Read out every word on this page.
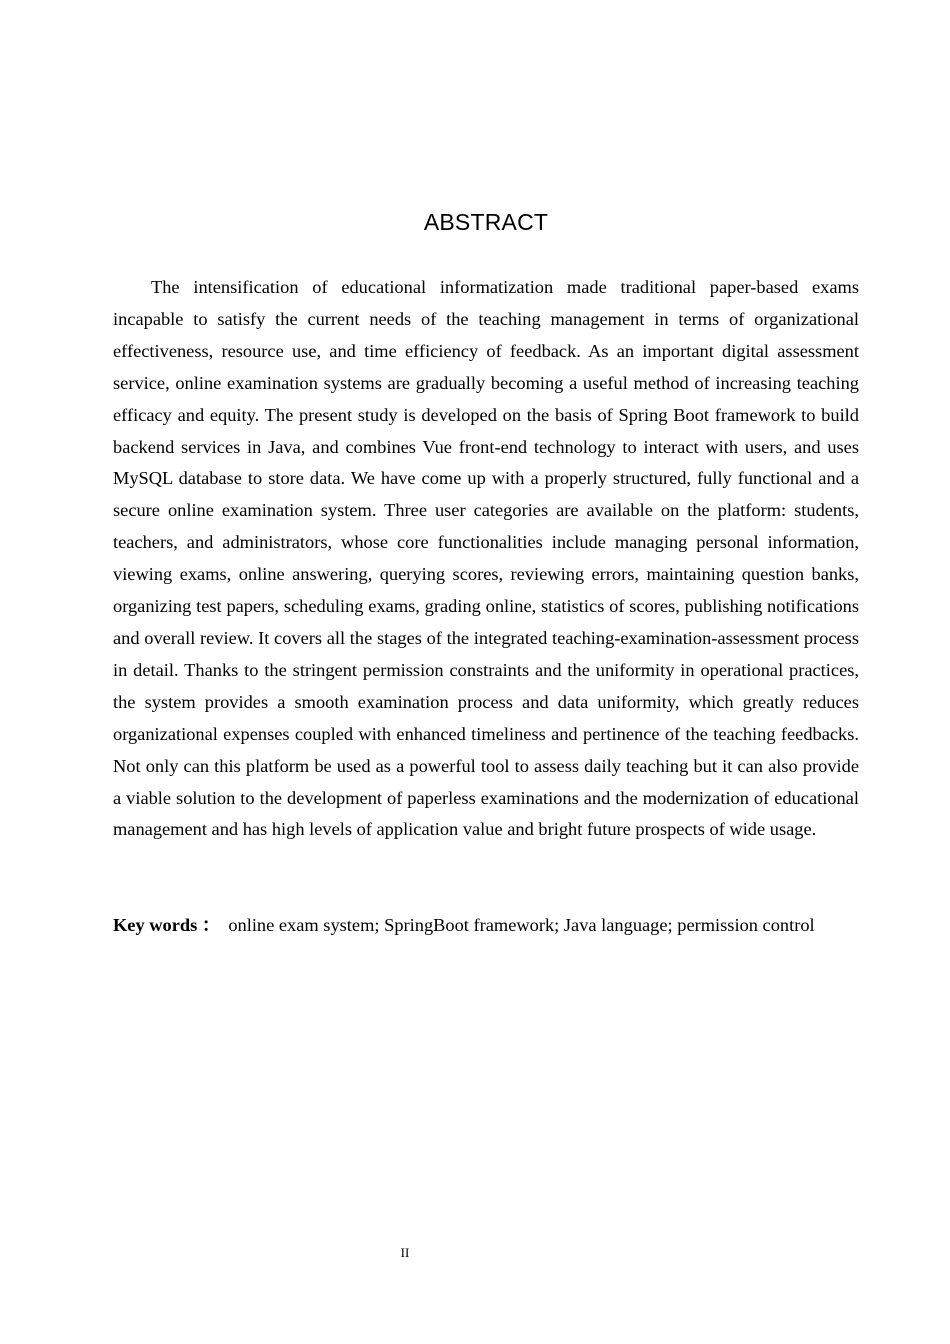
ABSTRACT

The intensification of educational informatization made traditional paper-based exams incapable to satisfy the current needs of the teaching management in terms of organizational effectiveness, resource use, and time efficiency of feedback. As an important digital assessment service, online examination systems are gradually becoming a useful method of increasing teaching efficacy and equity. The present study is developed on the basis of Spring Boot framework to build backend services in Java, and combines Vue front-end technology to interact with users, and uses MySQL database to store data. We have come up with a properly structured, fully functional and a secure online examination system. Three user categories are available on the platform: students, teachers, and administrators, whose core functionalities include managing personal information, viewing exams, online answering, querying scores, reviewing errors, maintaining question banks, organizing test papers, scheduling exams, grading online, statistics of scores, publishing notifications and overall review. It covers all the stages of the integrated teaching-examination-assessment process in detail. Thanks to the stringent permission constraints and the uniformity in operational practices, the system provides a smooth examination process and data uniformity, which greatly reduces organizational expenses coupled with enhanced timeliness and pertinence of the teaching feedbacks. Not only can this platform be used as a powerful tool to assess daily teaching but it can also provide a viable solution to the development of paperless examinations and the modernization of educational management and has high levels of application value and bright future prospects of wide usage.

Key words ： online exam system; SpringBoot framework; Java language; permission control

II
